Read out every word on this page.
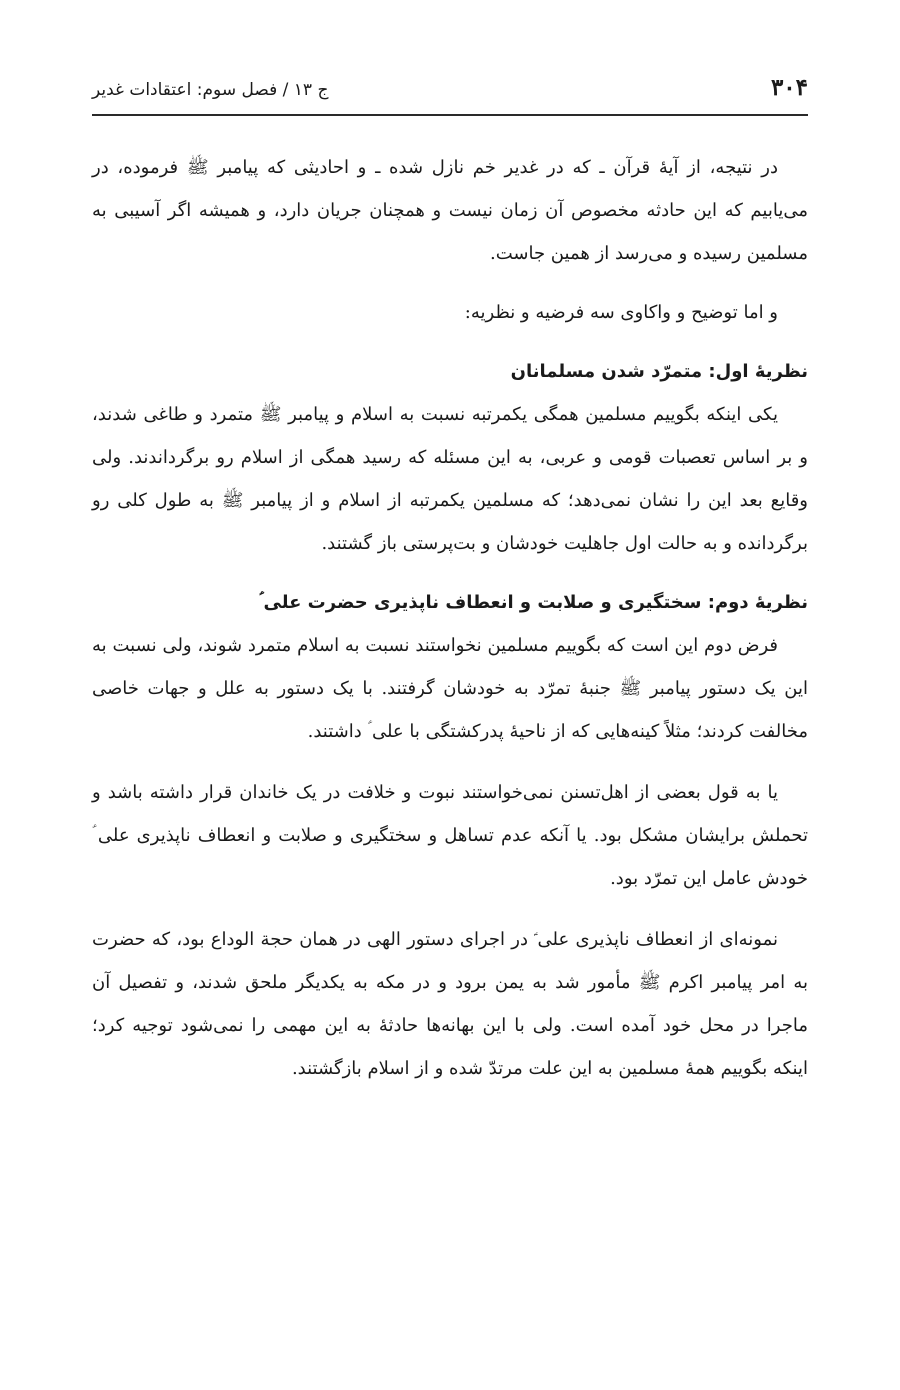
۳۰۴
ج ۱۳ / فصل سوم: اعتقادات غدیر

در نتیجه، از آیهٔ قرآن ـ که در غدیر خم نازل شده ـ و احادیثی که پیامبر ﷺ فرموده، در می‌یابیم که این حادثه مخصوص آن زمان نیست و همچنان جریان دارد، و همیشه اگر آسیبی به مسلمین رسیده و می‌رسد از همین جاست.

و اما توضیح و واکاوی سه فرضیه و نظریه:

نظریهٔ اول: متمرّد شدن مسلمانان

یکی اینکه بگوییم مسلمین همگی یکمرتبه نسبت به اسلام و پیامبر ﷺ متمرد و طاغی شدند، و بر اساس تعصبات قومی و عربی، به این مسئله که رسید همگی از اسلام رو برگرداندند. ولی وقایع بعد این را نشان نمی‌دهد؛ که مسلمین یکمرتبه از اسلام و از پیامبر ﷺ به طول کلی رو برگردانده و به حالت اول جاهلیت خودشان و بت‌پرستی باز گشتند.

نظریهٔ دوم: سختگیری و صلابت و انعطاف ناپذیری حضرت علی ؑ

فرض دوم این است که بگوییم مسلمین نخواستند نسبت به اسلام متمرد شوند، ولی نسبت به این یک دستور پیامبر ﷺ جنبهٔ تمرّد به خودشان گرفتند. با یک دستور به علل و جهات خاصی مخالفت کردند؛ مثلاً کینه‌هایی که از ناحیهٔ پدرکشتگی با علی ؑ داشتند.

یا به قول بعضی از اهل‌تسنن نمی‌خواستند نبوت و خلافت در یک خاندان قرار داشته باشد و تحملش برایشان مشکل بود. یا آنکه عدم تساهل و سختگیری و صلابت و انعطاف ناپذیری علی ؑ خودش عامل این تمرّد بود.

نمونه‌ای از انعطاف ناپذیری علی ؑ در اجرای دستور الهی در همان حجة الوداع بود، که حضرت به امر پیامبر اکرم ﷺ مأمور شد به یمن برود و در مکه به یکدیگر ملحق شدند، و تفصیل آن ماجرا در محل خود آمده است. ولی با این بهانه‌ها حادثهٔ به این مهمی را نمی‌شود توجیه کرد؛ اینکه بگوییم همهٔ مسلمین به این علت مرتدّ شده و از اسلام بازگشتند.
